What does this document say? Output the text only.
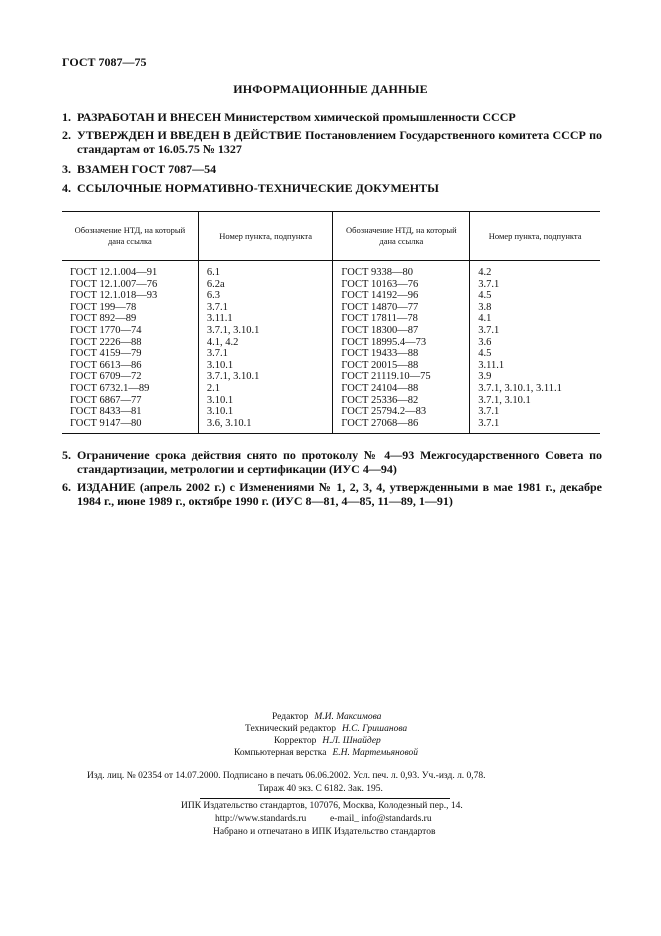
ГОСТ 7087—75
ИНФОРМАЦИОННЫЕ ДАННЫЕ
1. РАЗРАБОТАН И ВНЕСЕН Министерством химической промышленности СССР
2. УТВЕРЖДЕН И ВВЕДЕН В ДЕЙСТВИЕ Постановлением Государственного комитета СССР по стандартам от 16.05.75 № 1327
3. ВЗАМЕН ГОСТ 7087—54
4. ССЫЛОЧНЫЕ НОРМАТИВНО-ТЕХНИЧЕСКИЕ ДОКУМЕНТЫ
Обозначение НТД, на который дана ссылка	Номер пункта, подпункта	Обозначение НТД, на который дана ссылка	Номер пункта, подпункта
ГОСТ 12.1.004—91	6.1	ГОСТ 9338—80	4.2
ГОСТ 12.1.007—76	6.2а	ГОСТ 10163—76	3.7.1
ГОСТ 12.1.018—93	6.3	ГОСТ 14192—96	4.5
ГОСТ 199—78	3.7.1	ГОСТ 14870—77	3.8
ГОСТ 892—89	3.11.1	ГОСТ 17811—78	4.1
ГОСТ 1770—74	3.7.1, 3.10.1	ГОСТ 18300—87	3.7.1
ГОСТ 2226—88	4.1, 4.2	ГОСТ 18995.4—73	3.6
ГОСТ 4159—79	3.7.1	ГОСТ 19433—88	4.5
ГОСТ 6613—86	3.10.1	ГОСТ 20015—88	3.11.1
ГОСТ 6709—72	3.7.1, 3.10.1	ГОСТ 21119.10—75	3.9
ГОСТ 6732.1—89	2.1	ГОСТ 24104—88	3.7.1, 3.10.1, 3.11.1
ГОСТ 6867—77	3.10.1	ГОСТ 25336—82	3.7.1, 3.10.1
ГОСТ 8433—81	3.10.1	ГОСТ 25794.2—83	3.7.1
ГОСТ 9147—80	3.6, 3.10.1	ГОСТ 27068—86	3.7.1
5. Ограничение срока действия снято по протоколу № 4—93 Межгосударственного Совета по стандартизации, метрологии и сертификации (ИУС 4—94)
6. ИЗДАНИЕ (апрель 2002 г.) с Изменениями № 1, 2, 3, 4, утвержденными в мае 1981 г., декабре 1984 г., июне 1989 г., октябре 1990 г. (ИУС 8—81, 4—85, 11—89, 1—91)
Редактор М.И. Максимова
Технический редактор Н.С. Гришанова
Корректор Н.Л. Шнайдер
Компьютерная верстка Е.Н. Мартемьяновой
Изд. лиц. № 02354 от 14.07.2000. Подписано в печать 06.06.2002. Усл. печ. л. 0,93. Уч.-изд. л. 0,78.
Тираж 40 экз. С 6182. Зак. 195.
ИПК Издательство стандартов, 107076, Москва, Колодезный пер., 14.
http://www.standards.ru          e-mail_ info@standards.ru
Набрано и отпечатано в ИПК Издательство стандартов
